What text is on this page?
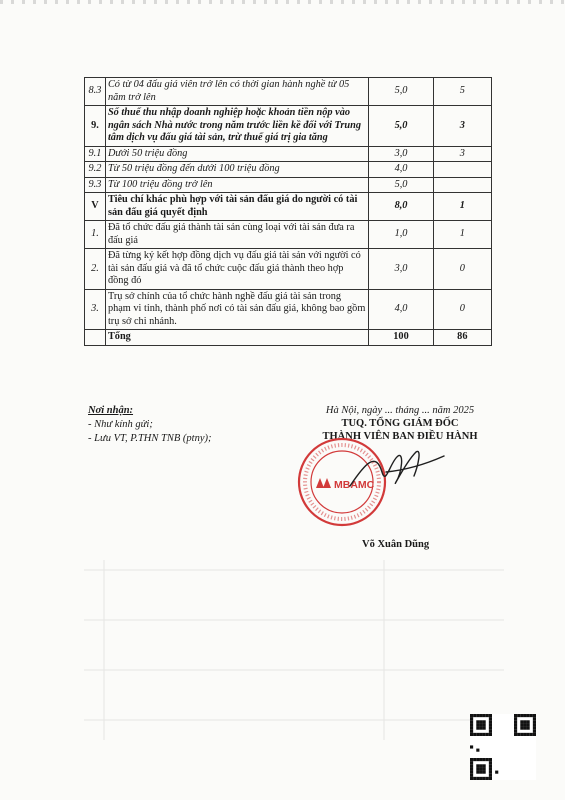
8.3	Có từ 04 đấu giá viên trở lên có thời gian hành nghề từ 05 năm trở lên	5,0	5
9.	Số thuế thu nhập doanh nghiệp hoặc khoản tiền nộp vào ngân sách Nhà nước trong năm trước liền kề đối với Trung tâm dịch vụ đấu giá tài sản, trừ thuế giá trị gia tăng	5,0	3
9.1	Dưới 50 triệu đồng	3,0	3
9.2	Từ 50 triệu đồng đến dưới 100 triệu đồng	4,0	
9.3	Từ 100 triệu đồng trở lên	5,0	
V	Tiêu chí khác phù hợp với tài sản đấu giá do người có tài sản đấu giá quyết định	8,0	1
1.	Đã tổ chức đấu giá thành tài sản cùng loại với tài sản đưa ra đấu giá	1,0	1
2.	Đã từng ký kết hợp đồng dịch vụ đấu giá tài sản với người có tài sản đấu giá và đã tổ chức cuộc đấu giá thành theo hợp đồng đó	3,0	0
3.	Trụ sở chính của tổ chức hành nghề đấu giá tài sản trong phạm vi tỉnh, thành phố nơi có tài sản đấu giá, không bao gồm trụ sở chi nhánh.	4,0	0
	Tổng	100	86
Nơi nhận:
- Như kính gửi;
- Lưu VT, P.THN TNB (ptny);
Hà Nội, ngày ... tháng ... năm 2025
TUQ. TỔNG GIÁM ĐỐC
THÀNH VIÊN BAN ĐIỀU HÀNH
MBAMC
Võ Xuân Dũng
